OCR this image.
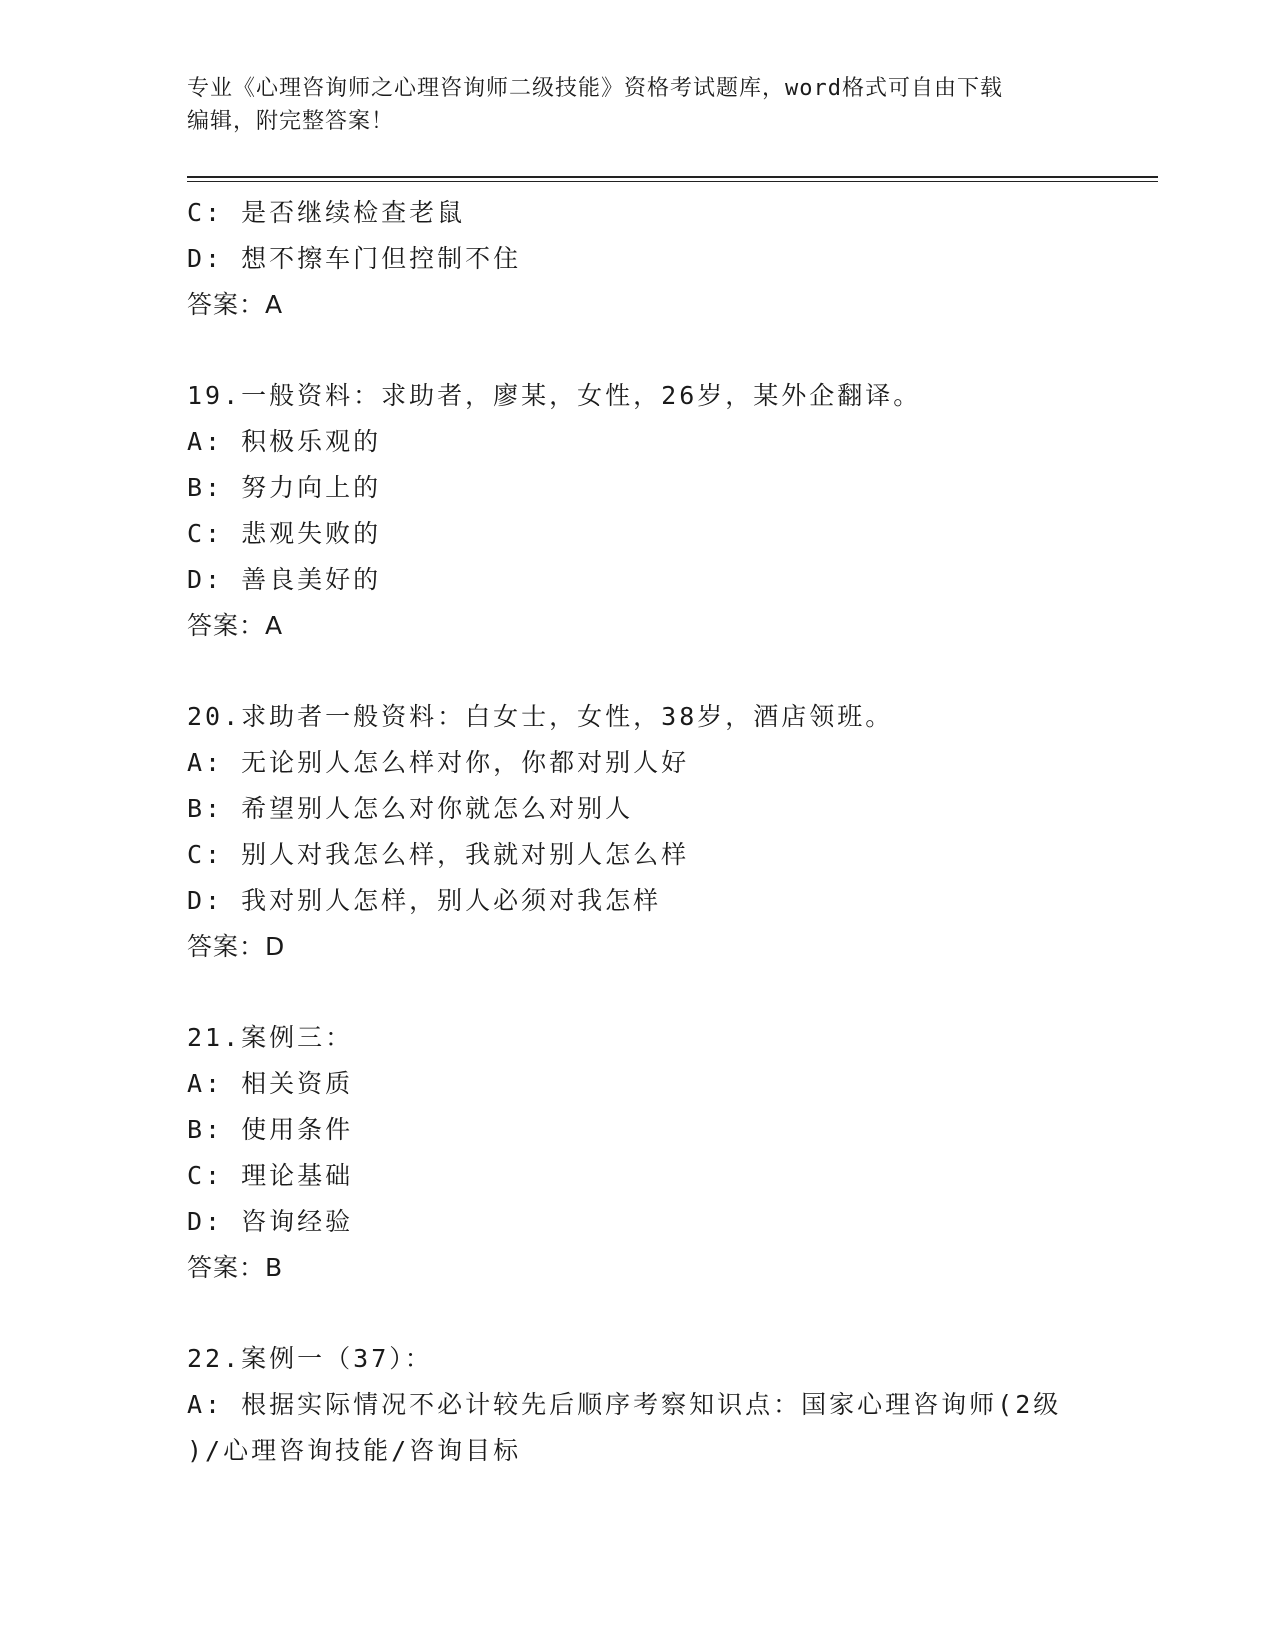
专业《心理咨询师之心理咨询师二级技能》资格考试题库，word格式可自由下载
编辑，附完整答案！
C: 是否继续检查老鼠
D: 想不擦车门但控制不住
答案：A
19.一般资料：求助者，廖某，女性，26岁，某外企翻译。
A: 积极乐观的
B: 努力向上的
C: 悲观失败的
D: 善良美好的
答案：A
20.求助者一般资料：白女士，女性，38岁，酒店领班。
A: 无论别人怎么样对你，你都对别人好
B: 希望别人怎么对你就怎么对别人
C: 别人对我怎么样，我就对别人怎么样
D: 我对别人怎样，别人必须对我怎样
答案：D
21.案例三：
A: 相关资质
B: 使用条件
C: 理论基础
D: 咨询经验
答案：B
22.案例一（37）：
A: 根据实际情况不必计较先后顺序考察知识点：国家心理咨询师(2级
)/心理咨询技能/咨询目标
